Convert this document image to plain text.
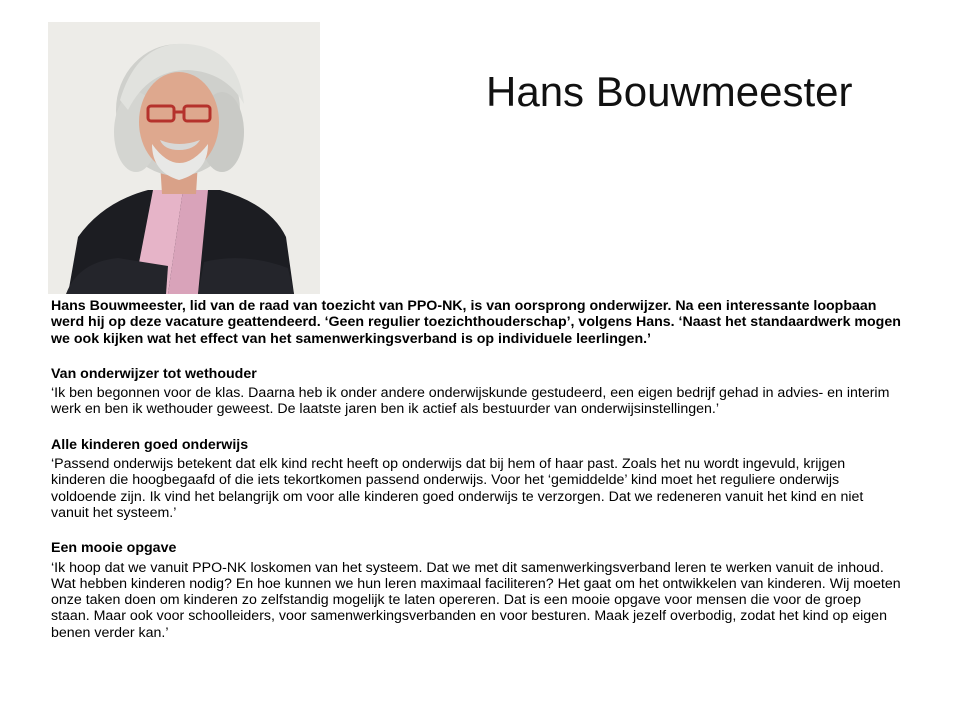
Hans Bouwmeester

Hans Bouwmeester, lid van de raad van toezicht van PPO-NK, is van oorsprong onderwijzer. Na een interessante loopbaan werd hij op deze vacature geattendeerd. ‘Geen regulier toezichthouderschap’, volgens Hans. ‘Naast het standaardwerk mogen we ook kijken wat het effect van het samenwerkingsverband is op individuele leerlingen.’

Van onderwijzer tot wethouder

‘Ik ben begonnen voor de klas. Daarna heb ik onder andere onderwijskunde gestudeerd, een eigen bedrijf gehad in advies- en interim werk en ben ik wethouder geweest. De laatste jaren ben ik actief als bestuurder van onderwijsinstellingen.’

Alle kinderen goed onderwijs

‘Passend onderwijs betekent dat elk kind recht heeft op onderwijs dat bij hem of haar past. Zoals het nu wordt ingevuld, krijgen kinderen die hoogbegaafd of die iets tekortkomen passend onderwijs. Voor het ‘gemiddelde’ kind moet het reguliere onderwijs voldoende zijn. Ik vind het belangrijk om voor alle kinderen goed onderwijs te verzorgen. Dat we redeneren vanuit het kind en niet vanuit het systeem.’

Een mooie opgave

‘Ik hoop dat we vanuit PPO-NK loskomen van het systeem. Dat we met dit samenwerkingsverband leren te werken vanuit de inhoud. Wat hebben kinderen nodig? En hoe kunnen we hun leren maximaal faciliteren? Het gaat om het ontwikkelen van kinderen. Wij moeten onze taken doen om kinderen zo zelfstandig mogelijk te laten opereren. Dat is een mooie opgave voor mensen die voor de groep staan. Maar ook voor schoolleiders, voor samenwerkingsverbanden en voor besturen. Maak jezelf overbodig, zodat het kind op eigen benen verder kan.’
